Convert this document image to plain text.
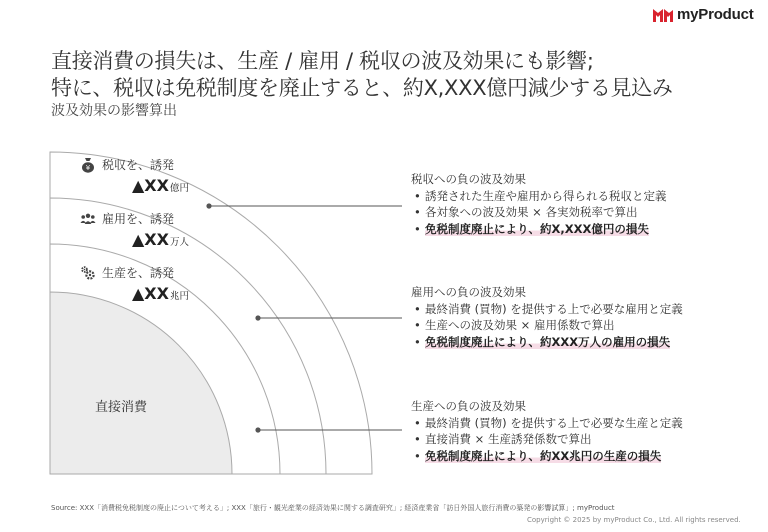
myProduct
直接消費の損失は、生産 / 雇用 / 税収の波及効果にも影響;
特に、税収は免税制度を廃止すると、約X,XXX億円減少する見込み
波及効果の影響算出
¥ 税収を、誘発
▲XX億円
雇用を、誘発
▲XX万人
生産を、誘発
▲XX兆円
直接消費
税収への負の波及効果
• 誘発された生産や雇用から得られる税収と定義
• 各対象への波及効果 × 各実効税率で算出
• 免税制度廃止により、約X,XXX億円の損失
雇用への負の波及効果
• 最終消費 (買物) を提供する上で必要な雇用と定義
• 生産への波及効果 × 雇用係数で算出
• 免税制度廃止により、約XXX万人の雇用の損失
生産への負の波及効果
• 最終消費 (買物) を提供する上で必要な生産と定義
• 直接消費 × 生産誘発係数で算出
• 免税制度廃止により、約XX兆円の生産の損失
Source: XXX「消費税免税制度の廃止について考える」; XXX「旅行・観光産業の経済効果に関する調査研究」; 経済産業省「訪日外国人旅行消費の築発の影響試算」; myProduct
Copyright © 2025 by myProduct Co., Ltd. All rights reserved.
